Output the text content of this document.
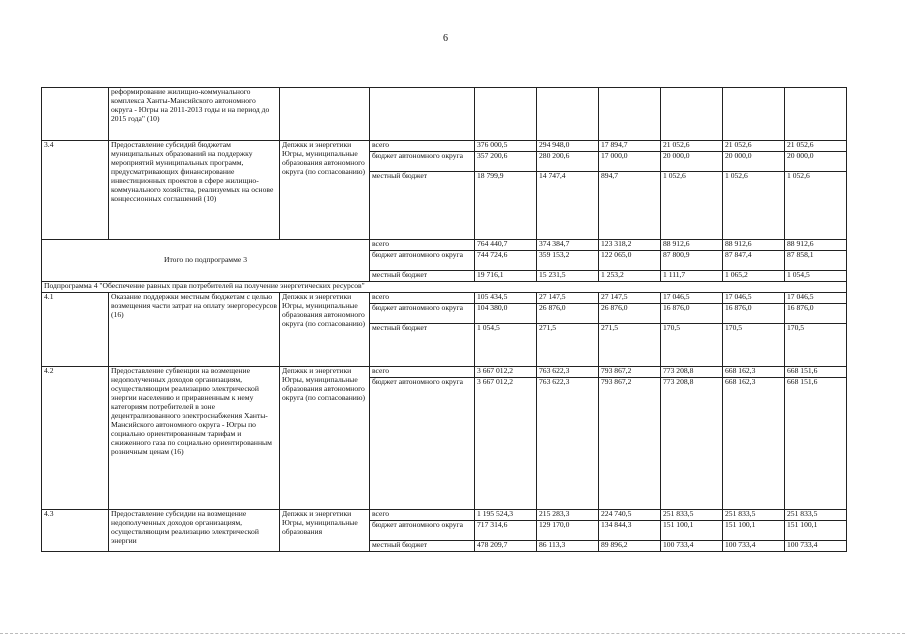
6
	реформирование жилищно-коммунального комплекса Ханты-Мансийского автономного округа - Югры на 2011-2013 годы и на период до 2015 года" (10)								
3.4	Предоставление субсидий бюджетам муниципальных образований на поддержку мероприятий муниципальных программ, предусматривающих финансирование инвестиционных проектов в сфере жилищно-коммунального хозяйства, реализуемых на основе концессионных соглашений (10)	Депжкк и энергетики Югры, муниципальные образования автономного округа (по согласованию)	всего	376 000,5	294 948,0	17 894,7	21 052,6	21 052,6	21 052,6
			бюджет автономного округа	357 200,6	280 200,6	17 000,0	20 000,0	20 000,0	20 000,0
			местный бюджет	18 799,9	14 747,4	894,7	1 052,6	1 052,6	1 052,6
Итого по подпрограмме 3			всего	764 440,7	374 384,7	123 318,2	88 912,6	88 912,6	88 912,6
			бюджет автономного округа	744 724,6	359 153,2	122 065,0	87 800,9	87 847,4	87 858,1
			местный бюджет	19 716,1	15 231,5	1 253,2	1 111,7	1 065,2	1 054,5
Подпрограмма 4 "Обеспечение равных прав потребителей на получение энергетических ресурсов"									
4.1	Оказание поддержки местным бюджетам с целью возмещения части затрат на оплату энергоресурсов (16)	Депжкк и энергетики Югры, муниципальные образования автономного округа (по согласованию)	всего	105 434,5	27 147,5	27 147,5	17 046,5	17 046,5	17 046,5
			бюджет автономного округа	104 380,0	26 876,0	26 876,0	16 876,0	16 876,0	16 876,0
			местный бюджет	1 054,5	271,5	271,5	170,5	170,5	170,5
4.2	Предоставление субвенции на возмещение недополученных доходов организациям, осуществляющим реализацию электрической энергии населению и приравненным к нему категориям потребителей в зоне децентрализованного электроснабжения Ханты-Мансийского автономного округа - Югры по социально ориентированным тарифам и сжиженного газа по социально ориентированным розничным ценам (16)	Депжкк и энергетики Югры, муниципальные образования автономного округа (по согласованию)	всего	3 667 012,2	763 622,3	793 867,2	773 208,8	668 162,3	668 151,6
			бюджет автономного округа	3 667 012,2	763 622,3	793 867,2	773 208,8	668 162,3	668 151,6
4.3	Предоставление субсидии на возмещение недополученных доходов организациям, осуществляющим реализацию электрической энергии	Депжкк и энергетики Югры, муниципальные образования	всего	1 195 524,3	215 283,3	224 740,5	251 833,5	251 833,5	251 833,5
			бюджет автономного округа	717 314,6	129 170,0	134 844,3	151 100,1	151 100,1	151 100,1
			местный бюджет	478 209,7	86 113,3	89 896,2	100 733,4	100 733,4	100 733,4
